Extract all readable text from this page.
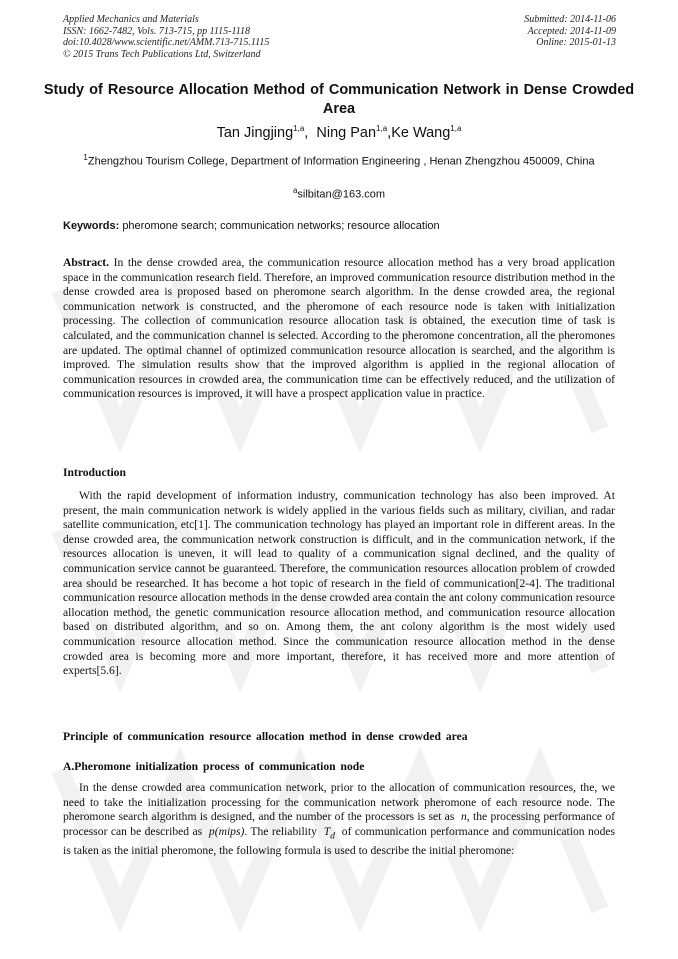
Applied Mechanics and Materials
ISSN: 1662-7482, Vols. 713-715, pp 1115-1118
doi:10.4028/www.scientific.net/AMM.713-715.1115
© 2015 Trans Tech Publications Ltd, Switzerland
Submitted: 2014-11-06
Accepted: 2014-11-09
Online: 2015-01-13
Study of Resource Allocation Method of Communication Network in Dense Crowded Area
Tan Jingjing$^{1,a}$,  Ning Pan$^{1,a}$,Ke Wang$^{1,a}$
$^1$Zhengzhou Tourism College, Department of Information Engineering , Henan Zhengzhou 450009, China
$^a$silbitan@163.com
Keywords: pheromone search; communication networks; resource allocation
Abstract. In the dense crowded area, the communication resource allocation method has a very broad application space in the communication research field. Therefore, an improved communication resource distribution method in the dense crowded area is proposed based on pheromone search algorithm. In the dense crowded area, the regional communication network is constructed, and the pheromone of each resource node is taken with initialization processing. The collection of communication resource allocation task is obtained, the execution time of task is calculated, and the communication channel is selected. According to the pheromone concentration, all the pheromones are updated. The optimal channel of optimized communication resource allocation is searched, and the algorithm is improved. The simulation results show that the improved algorithm is applied in the regional allocation of communication resources in crowded area, the communication time can be effectively reduced, and the utilization of communication resources is improved, it will have a prospect application value in practice.
Introduction
With the rapid development of information industry, communication technology has also been improved. At present, the main communication network is widely applied in the various fields such as military, civilian, and radar satellite communication, etc[1]. The communication technology has played an important role in different areas. In the dense crowded area, the communication network construction is difficult, and in the communication network, if the resources allocation is uneven, it will lead to quality of a communication signal declined, and the quality of communication service cannot be guaranteed. Therefore, the communication resources allocation problem of crowded area should be researched. It has become a hot topic of research in the field of communication[2-4]. The traditional communication resource allocation methods in the dense crowded area contain the ant colony communication resource allocation method, the genetic communication resource allocation method, and communication resource allocation based on distributed algorithm, and so on. Among them, the ant colony algorithm is the most widely used communication resource allocation method. Since the communication resource allocation method in the dense crowded area is becoming more and more important, therefore, it has received more and more attention of experts[5.6].
Principle of communication resource allocation method in dense crowded area
A.Pheromone initialization process of communication node
In the dense crowded area communication network, prior to the allocation of communication resources, the, we need to take the initialization processing for the communication network pheromone of each resource node. The pheromone search algorithm is designed, and the number of the processors is set as n, the processing performance of processor can be described as p(mips). The reliability $T_d$ of communication performance and communication nodes is taken as the initial pheromone, the following formula is used to describe the initial pheromone:
